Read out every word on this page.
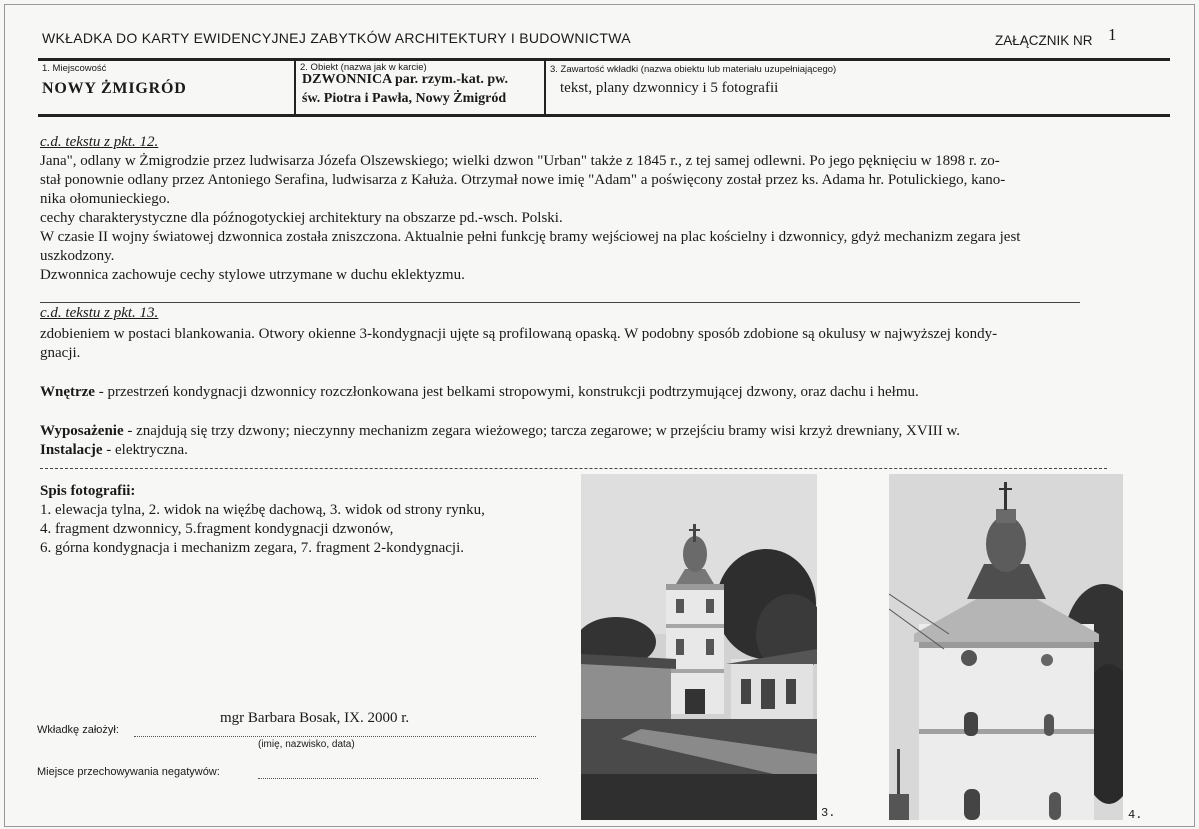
WKŁADKA DO KARTY EWIDENCYJNEJ ZABYTKÓW ARCHITEKTURY I BUDOWNICTWA	ZAŁĄCZNIK NR 1
1. Miejscowość
NOWY ŻMIGRÓD
2. Obiekt (nazwa jak w karcie)
DZWONNICA par. rzym.-kat. pw.
św. Piotra i Pawła, Nowy Żmigród
3. Zawartość wkładki (nazwa obiektu lub materiału uzupełniającego)
tekst, plany dzwonnicy i 5 fotografii
c.d. tekstu z pkt. 12.
Jana", odlany w Żmigrodzie przez ludwisarza Józefa Olszewskiego; wielki dzwon "Urban" także z 1845 r., z tej samej odlewni. Po jego pęknięciu w 1898 r. zo-
stał ponownie odlany przez Antoniego Serafina, ludwisarza z Kałuża. Otrzymał nowe imię "Adam" a poświęcony został przez ks. Adama hr. Potulickiego, kano-
nika ołomunieckiego.
cechy charakterystyczne dla późnogotyckiej architektury na obszarze pd.-wsch. Polski.
W czasie II wojny światowej dzwonnica została zniszczona. Aktualnie pełni funkcję bramy wejściowej na plac kościelny i dzwonnicy, gdyż mechanizm zegara jest
uszkodzony.
Dzwonnica zachowuje cechy stylowe utrzymane w duchu eklektyzmu.
c.d. tekstu z pkt. 13.
zdobieniem w postaci blankowania. Otwory okienne 3-kondygnacji ujęte są profilowaną opaską. W podobny sposób zdobione są okulusy w najwyższej kondy-
gnacji.
Wnętrze - przestrzeń kondygnacji dzwonnicy rozczłonkowana jest belkami stropowymi, konstrukcji podtrzymującej dzwony, oraz dachu i hełmu.
Wyposażenie - znajdują się trzy dzwony; nieczynny mechanizm zegara wieżowego; tarcza zegarowe; w przejściu bramy wisi krzyż drewniany, XVIII w.
Instalacje - elektryczna.
Spis fotografii:
1. elewacja tylna, 2. widok na więźbę dachową, 3. widok od strony rynku,
4. fragment dzwonnicy, 5.fragment kondygnacji dzwonów,
6. górna kondygnacja i mechanizm zegara, 7. fragment 2-kondygnacji.
3.	4.
Wkładkę założył:
mgr Barbara Bosak, IX. 2000 r.
(imię, nazwisko, data)
Miejsce przechowywania negatywów:
